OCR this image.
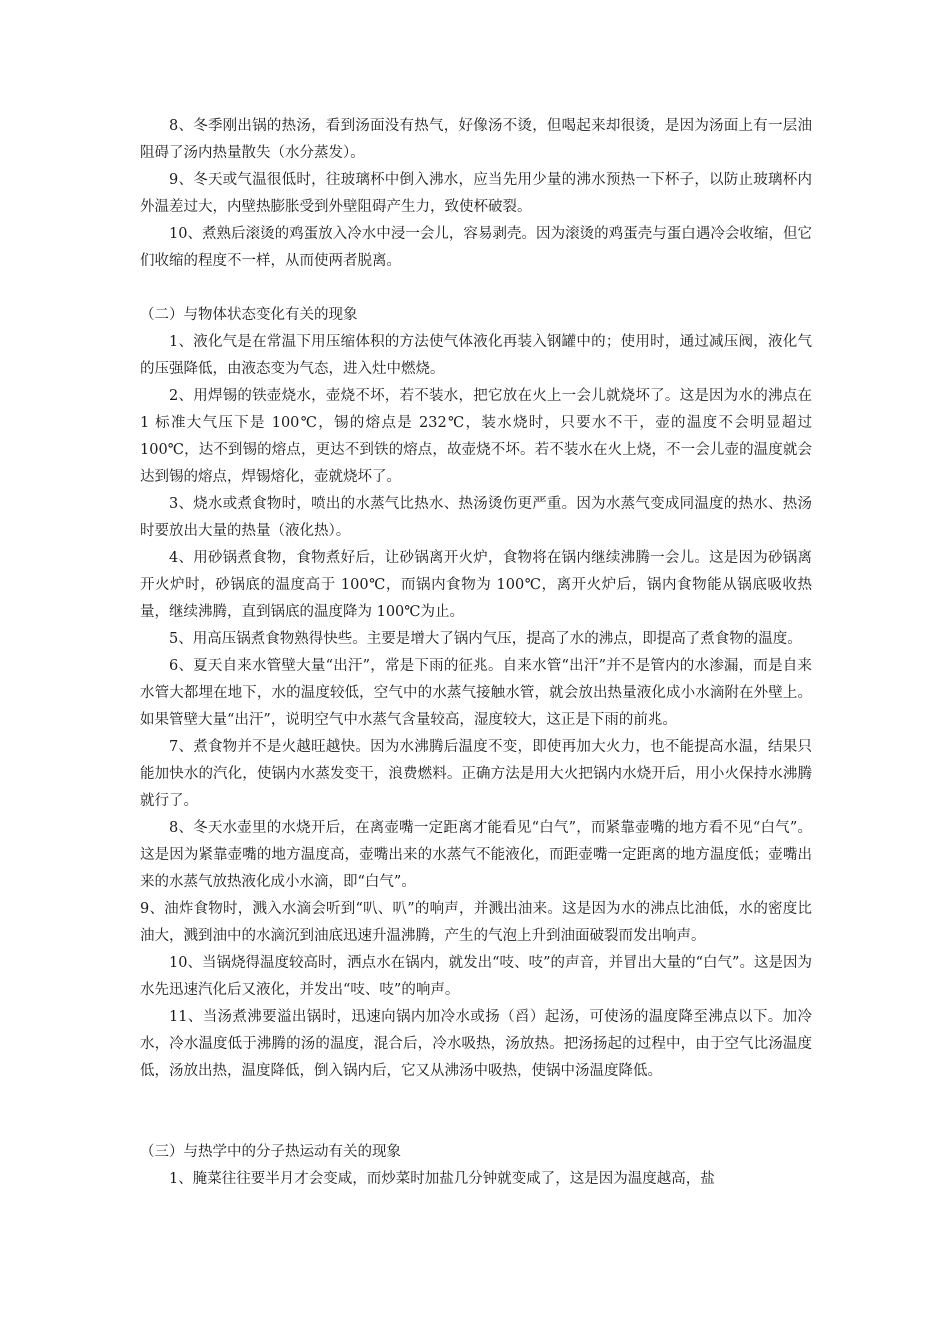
8、冬季刚出锅的热汤，看到汤面没有热气，好像汤不烫，但喝起来却很烫，是因为汤面上有一层油阻碍了汤内热量散失（水分蒸发）。

9、冬天或气温很低时，往玻璃杯中倒入沸水，应当先用少量的沸水预热一下杯子，以防止玻璃杯内外温差过大，内壁热膨胀受到外壁阻碍产生力，致使杯破裂。

10、煮熟后滚烫的鸡蛋放入冷水中浸一会儿，容易剥壳。因为滚烫的鸡蛋壳与蛋白遇冷会收缩，但它们收缩的程度不一样，从而使两者脱离。

（二）与物体状态变化有关的现象

1、液化气是在常温下用压缩体积的方法使气体液化再装入钢罐中的；使用时，通过减压阀，液化气的压强降低，由液态变为气态，进入灶中燃烧。

2、用焊锡的铁壶烧水，壶烧不坏，若不装水，把它放在火上一会儿就烧坏了。这是因为水的沸点在 1 标准大气压下是 100℃，锡的熔点是 232℃，装水烧时，只要水不干，壶的温度不会明显超过 100℃，达不到锡的熔点，更达不到铁的熔点，故壶烧不坏。若不装水在火上烧，不一会儿壶的温度就会达到锡的熔点，焊锡熔化，壶就烧坏了。

3、烧水或煮食物时，喷出的水蒸气比热水、热汤烫伤更严重。因为水蒸气变成同温度的热水、热汤时要放出大量的热量（液化热）。

4、用砂锅煮食物，食物煮好后，让砂锅离开火炉，食物将在锅内继续沸腾一会儿。这是因为砂锅离开火炉时，砂锅底的温度高于 100℃，而锅内食物为 100℃，离开火炉后，锅内食物能从锅底吸收热量，继续沸腾，直到锅底的温度降为 100℃为止。

5、用高压锅煮食物熟得快些。主要是增大了锅内气压，提高了水的沸点，即提高了煮食物的温度。

6、夏天自来水管壁大量“出汗”，常是下雨的征兆。自来水管“出汗”并不是管内的水渗漏，而是自来水管大都埋在地下，水的温度较低，空气中的水蒸气接触水管，就会放出热量液化成小水滴附在外壁上。如果管壁大量“出汗”，说明空气中水蒸气含量较高，湿度较大，这正是下雨的前兆。

7、煮食物并不是火越旺越快。因为水沸腾后温度不变，即使再加大火力，也不能提高水温，结果只能加快水的汽化，使锅内水蒸发变干，浪费燃料。正确方法是用大火把锅内水烧开后，用小火保持水沸腾就行了。

8、冬天水壶里的水烧开后，在离壶嘴一定距离才能看见“白气”，而紧靠壶嘴的地方看不见“白气”。这是因为紧靠壶嘴的地方温度高，壶嘴出来的水蒸气不能液化，而距壶嘴一定距离的地方温度低；壶嘴出来的水蒸气放热液化成小水滴，即“白气”。

9、油炸食物时，溅入水滴会听到“叭、叭”的响声，并溅出油来。这是因为水的沸点比油低，水的密度比油大，溅到油中的水滴沉到油底迅速升温沸腾，产生的气泡上升到油面破裂而发出响声。

10、当锅烧得温度较高时，洒点水在锅内，就发出“吱、吱”的声音，并冒出大量的“白气”。这是因为水先迅速汽化后又液化，并发出“吱、吱”的响声。

11、当汤煮沸要溢出锅时，迅速向锅内加冷水或扬（舀）起汤，可使汤的温度降至沸点以下。加冷水，冷水温度低于沸腾的汤的温度，混合后，冷水吸热，汤放热。把汤扬起的过程中，由于空气比汤温度低，汤放出热，温度降低，倒入锅内后，它又从沸汤中吸热，使锅中汤温度降低。

（三）与热学中的分子热运动有关的现象

1、腌菜往往要半月才会变咸，而炒菜时加盐几分钟就变咸了，这是因为温度越高，盐
